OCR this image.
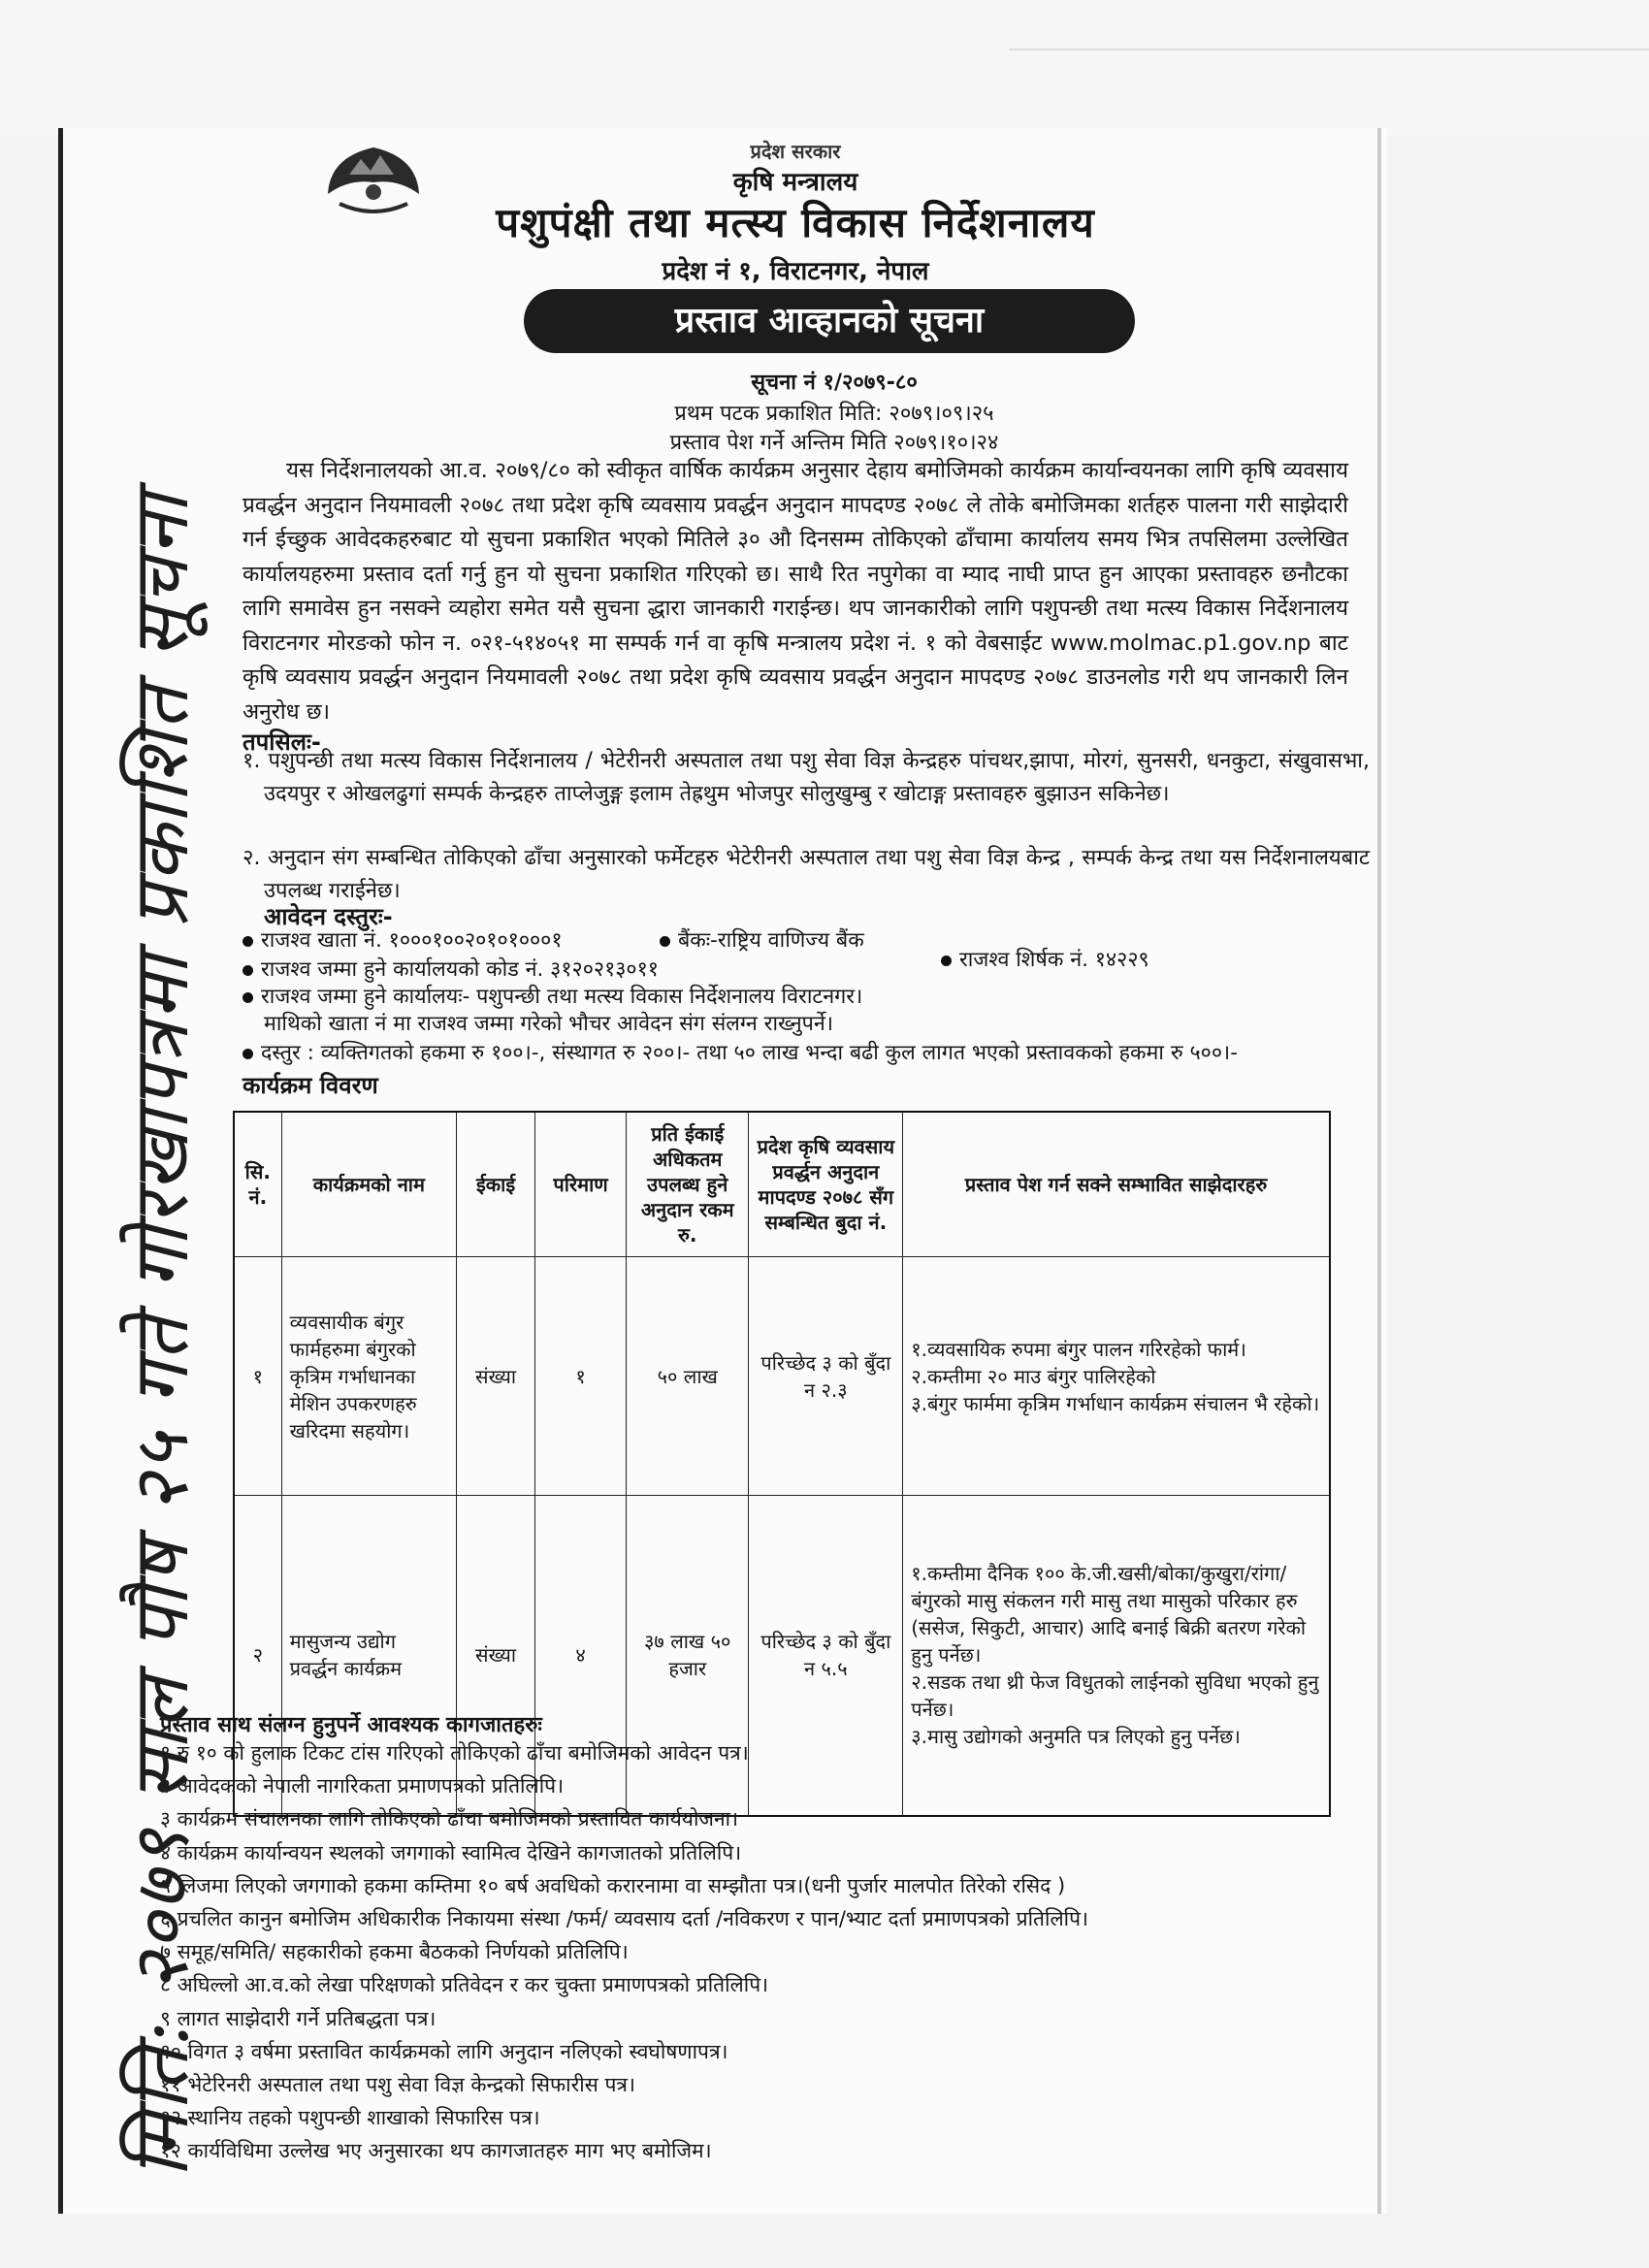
प्रदेश सरकार

कृषि मन्त्रालय

पशुपंक्षी तथा मत्स्य विकास निर्देशनालय

प्रदेश नं १, विराटनगर, नेपाल

प्रस्ताव आव्हानको सूचना
सूचना नं १/२०७९-८०
प्रथम पटक प्रकाशित मिति: २०७९।०९।२५
प्रस्ताव पेश गर्ने अन्तिम मिति २०७९।१०।२४

यस निर्देशनालयको आ.व. २०७९/८० को स्वीकृत वार्षिक कार्यक्रम अनुसार देहाय बमोजिमको कार्यक्रम कार्यान्वयनका लागि कृषि व्यवसाय प्रवर्द्धन अनुदान नियमावली २०७८ तथा प्रदेश कृषि व्यवसाय प्रवर्द्धन अनुदान मापदण्ड २०७८ ले तोके बमोजिमका शर्तहरु पालना गरी साझेदारी गर्न ईच्छुक आवेदकहरुबाट यो सुचना प्रकाशित भएको मितिले ३० औ दिनसम्म तोकिएको ढाँचामा कार्यालय समय भित्र तपसिलमा उल्लेखित कार्यालयहरुमा प्रस्ताव दर्ता गर्नु हुन यो सुचना प्रकाशित गरिएको छ। साथै रित नपुगेका वा म्याद नाघी प्राप्त हुन आएका प्रस्तावहरु छनौटका लागि समावेस हुन नसक्ने व्यहोरा समेत यसै सुचना द्धारा जानकारी गराईन्छ। थप जानकारीको लागि पशुपन्छी तथा मत्स्य विकास निर्देशनालय विराटनगर मोरङको फोन न. ०२१-५१४०५१ मा सम्पर्क गर्न वा कृषि मन्त्रालय प्रदेश नं. १ को वेबसाईट www.molmac.p1.gov.np बाट कृषि व्यवसाय प्रवर्द्धन अनुदान नियमावली २०७८ तथा प्रदेश कृषि व्यवसाय प्रवर्द्धन अनुदान मापदण्ड २०७८ डाउनलोड गरी थप जानकारी लिन अनुरोध छ।

तपसिलः-

१. पशुपन्छी तथा मत्स्य विकास निर्देशनालय / भेटेरीनरी अस्पताल तथा पशु सेवा विज्ञ केन्द्रहरु पांचथर,झापा, मोरगं, सुनसरी, धनकुटा, संखुवासभा, उदयपुर र ओखलढुगां सम्पर्क केन्द्रहरु ताप्लेजुङ्ग इलाम तेह्रथुम भोजपुर सोलुखुम्बु र खोटाङ्ग प्रस्तावहरु बुझाउन सकिनेछ।

२. अनुदान संग सम्बन्धित तोकिएको ढाँचा अनुसारको फर्मेटहरु भेटेरीनरी अस्पताल तथा पशु सेवा विज्ञ केन्द्र , सम्पर्क केन्द्र तथा यस निर्देशनालयबाट उपलब्ध गराईनेछ।

आवेदन दस्तुरः-
राजश्व खाता नं. १०००१००२०१०१०००१	बैंकः-राष्ट्रिय वाणिज्य बैंक
राजश्व शिर्षक नं. १४२२९
राजश्व जम्मा हुने कार्यालयको कोड नं. ३१२०२१३०११
राजश्व जम्मा हुने कार्यालयः- पशुपन्छी तथा मत्स्य विकास निर्देशनालय विराटनगर।
माथिको खाता नं मा राजश्व जम्मा गरेको भौचर आवेदन संग संलग्न राख्नुपर्ने।
दस्तुर : व्यक्तिगतको हकमा रु १००।-, संस्थागत रु २००।- तथा ५० लाख भन्दा बढी कुल लागत भएको प्रस्तावकको हकमा रु ५००।-
कार्यक्रम विवरण
सि. नं.	कार्यक्रमको नाम	ईकाई	परिमाण	प्रति ईकाई अधिकतम उपलब्ध हुने अनुदान रकम रु.	प्रदेश कृषि व्यवसाय प्रवर्द्धन अनुदान मापदण्ड २०७८ सँग सम्बन्धित बुदा नं.	प्रस्ताव पेश गर्न सक्ने सम्भावित साझेदारहरु
१	व्यवसायीक बंगुर फार्महरुमा बंगुरको कृत्रिम गर्भाधानका मेशिन उपकरणहरु खरिदमा सहयोग।	संख्या	१	५० लाख	परिच्छेद ३ को बुँदा न २.३	१.व्यवसायिक रुपमा बंगुर पालन गरिरहेको फार्म।
२.कम्तीमा २० माउ बंगुर पालिरहेको
३.बंगुर फार्ममा कृत्रिम गर्भाधान कार्यक्रम संचालन भै रहेको।

२	मासुजन्य उद्योग प्रवर्द्धन कार्यक्रम	संख्या	४	३७ लाख ५० हजार	परिच्छेद ३ को बुँदा न ५.५	१.कम्तीमा दैनिक १०० के.जी.खसी/बोका/कुखुरा/रांगा/बंगुरको मासु संकलन गरी मासु तथा मासुको परिकार हरु (ससेज, सिकुटी, आचार) आदि बनाई बिक्री बतरण गरेको हुनु पर्नेछ।
२.सडक तथा थ्री फेज विधुतको लाईनको सुविधा भएको हुनु पर्नेछ।
३.मासु उद्योगको अनुमति पत्र लिएको हुनु पर्नेछ।
प्रस्ताव साथ संलग्न हुनुपर्ने आवश्यक कागजातहरुः
१ रु १० को हुलाक टिकट टांस गरिएको तोकिएको ढाँचा बमोजिमको आवेदन पत्र।
२ आवेदकको नेपाली नागरिकता प्रमाणपत्रको प्रतिलिपि।
३ कार्यक्रम संचालनका लागि तोकिएको ढाँचा बमोजिमको प्रस्तावित कार्ययोजना।
४ कार्यक्रम कार्यान्वयन स्थलको जगगाको स्वामित्व देखिने कागजातको प्रतिलिपि।
५ लिजमा लिएको जगगाको हकमा कम्तिमा १० बर्ष अवधिको करारनामा वा सम्झौता पत्र।(धनी पुर्जार मालपोत तिरेको रसिद )
६ प्रचलित कानुन बमोजिम अधिकारीक निकायमा संस्था /फर्म/ व्यवसाय दर्ता /नविकरण र पान/भ्याट दर्ता प्रमाणपत्रको प्रतिलिपि।
७ समूह/समिति/ सहकारीको हकमा बैठकको निर्णयको प्रतिलिपि।
८ अघिल्लो आ.व.को लेखा परिक्षणको प्रतिवेदन र कर चुक्ता प्रमाणपत्रको प्रतिलिपि।
९ लागत साझेदारी गर्ने प्रतिबद्धता पत्र।
१० विगत ३ वर्षमा प्रस्तावित कार्यक्रमको लागि अनुदान नलिएको स्वघोषणापत्र।
११ भेटेरिनरी अस्पताल तथा पशु सेवा विज्ञ केन्द्रको सिफारीस पत्र।
१२ स्थानिय तहको पशुपन्छी शाखाको सिफारिस पत्र।
१२ कार्यविधिमा उल्लेख भए अनुसारका थप कागजातहरु माग भए बमोजिम।
मिति: २०७९ साल पौष २५ गते गोरखापत्रमा प्रकाशित सूचना
